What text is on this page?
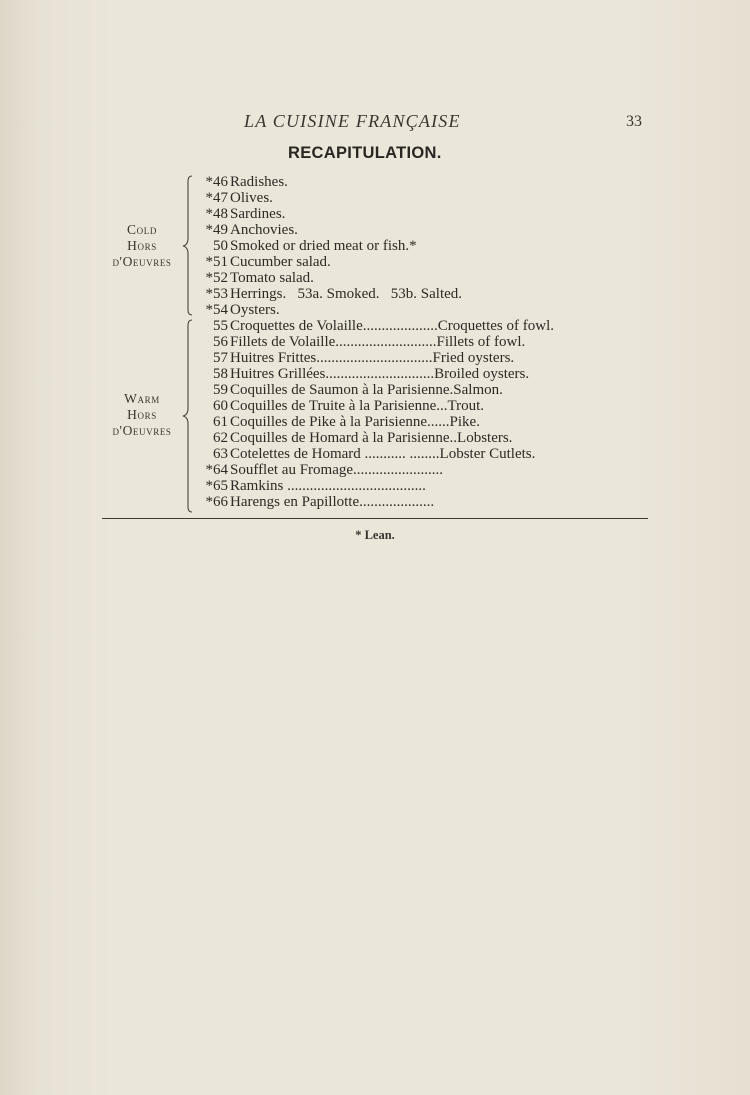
LA CUISINE FRANÇAISE	33
RECAPITULATION.
Cold
Hors
d'Oeuvres
Warm
Hors
d'Oeuvres
*46 Radishes.
*47 Olives.
*48 Sardines.
*49 Anchovies.
50 Smoked or dried meat or fish.*
*51 Cucumber salad.
*52 Tomato salad.
*53 Herrings.   53a. Smoked.   53b. Salted.
*54 Oysters.
55 Croquettes de Volaille....................Croquettes of fowl.
56 Fillets de Volaille...........................Fillets of fowl.
57 Huitres Frittes...............................Fried oysters.
58 Huitres Grillées.............................Broiled oysters.
59 Coquilles de Saumon à la Parisienne.Salmon.
60 Coquilles de Truite à la Parisienne...Trout.
61 Coquilles de Pike à la Parisienne......Pike.
62 Coquilles de Homard à la Parisienne..Lobsters.
63 Cotelettes de Homard ........... ........Lobster Cutlets.
*64 Soufflet au Fromage........................
*65 Ramkins .....................................
*66 Harengs en Papillotte....................
* Lean.
